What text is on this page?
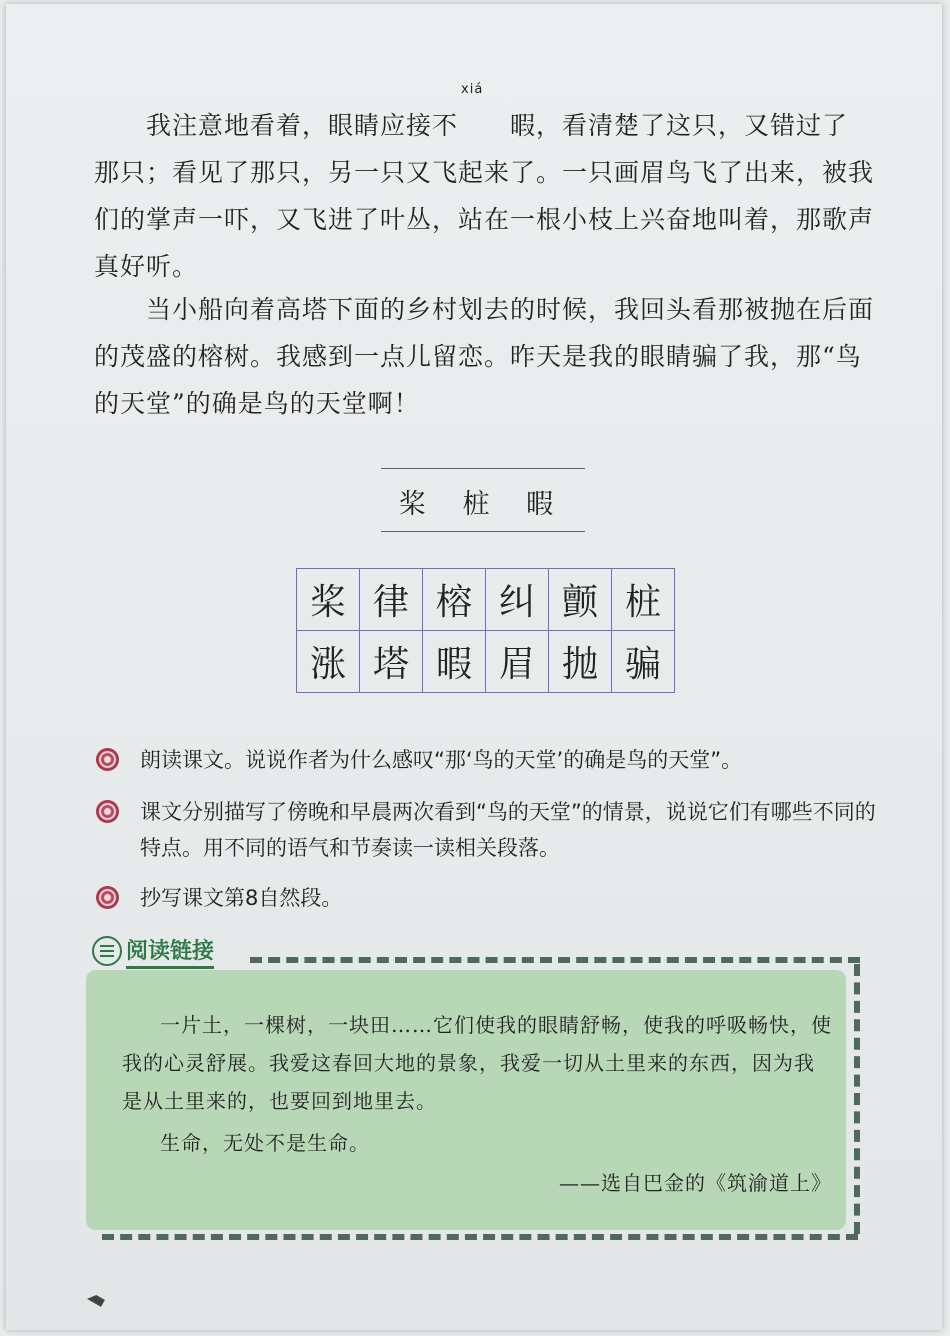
我注意地看着，眼睛应接不
xiá
暇，看清楚了这只，又错过了那只；看见了那只，另一只又飞起来了。一只画眉鸟飞了出来，被我们的掌声一吓，又飞进了叶丛，站在一根小枝上兴奋地叫着，那歌声真好听。

当小船向着高塔下面的乡村划去的时候，我回头看那被抛在后面的茂盛的榕树。我感到一点儿留恋。昨天是我的眼睛骗了我，那“鸟的天堂”的确是鸟的天堂啊！

桨 桩 暇
桨	律	榕	纠	颤	桩
涨	塔	暇	眉	抛	骗
朗读课文。说说作者为什么感叹“那‘鸟的天堂’的确是鸟的天堂”。
课文分别描写了傍晚和早晨两次看到“鸟的天堂”的情景，说说它们有哪些不同的特点。用不同的语气和节奏读一读相关段落。
抄写课文第8自然段。
阅读链接

一片土，一棵树，一块田……它们使我的眼睛舒畅，使我的呼吸畅快，使我的心灵舒展。我爱这春回大地的景象，我爱一切从土里来的东西，因为我是从土里来的，也要回到地里去。

生命，无处不是生命。

——选自巴金的《筑渝道上》
